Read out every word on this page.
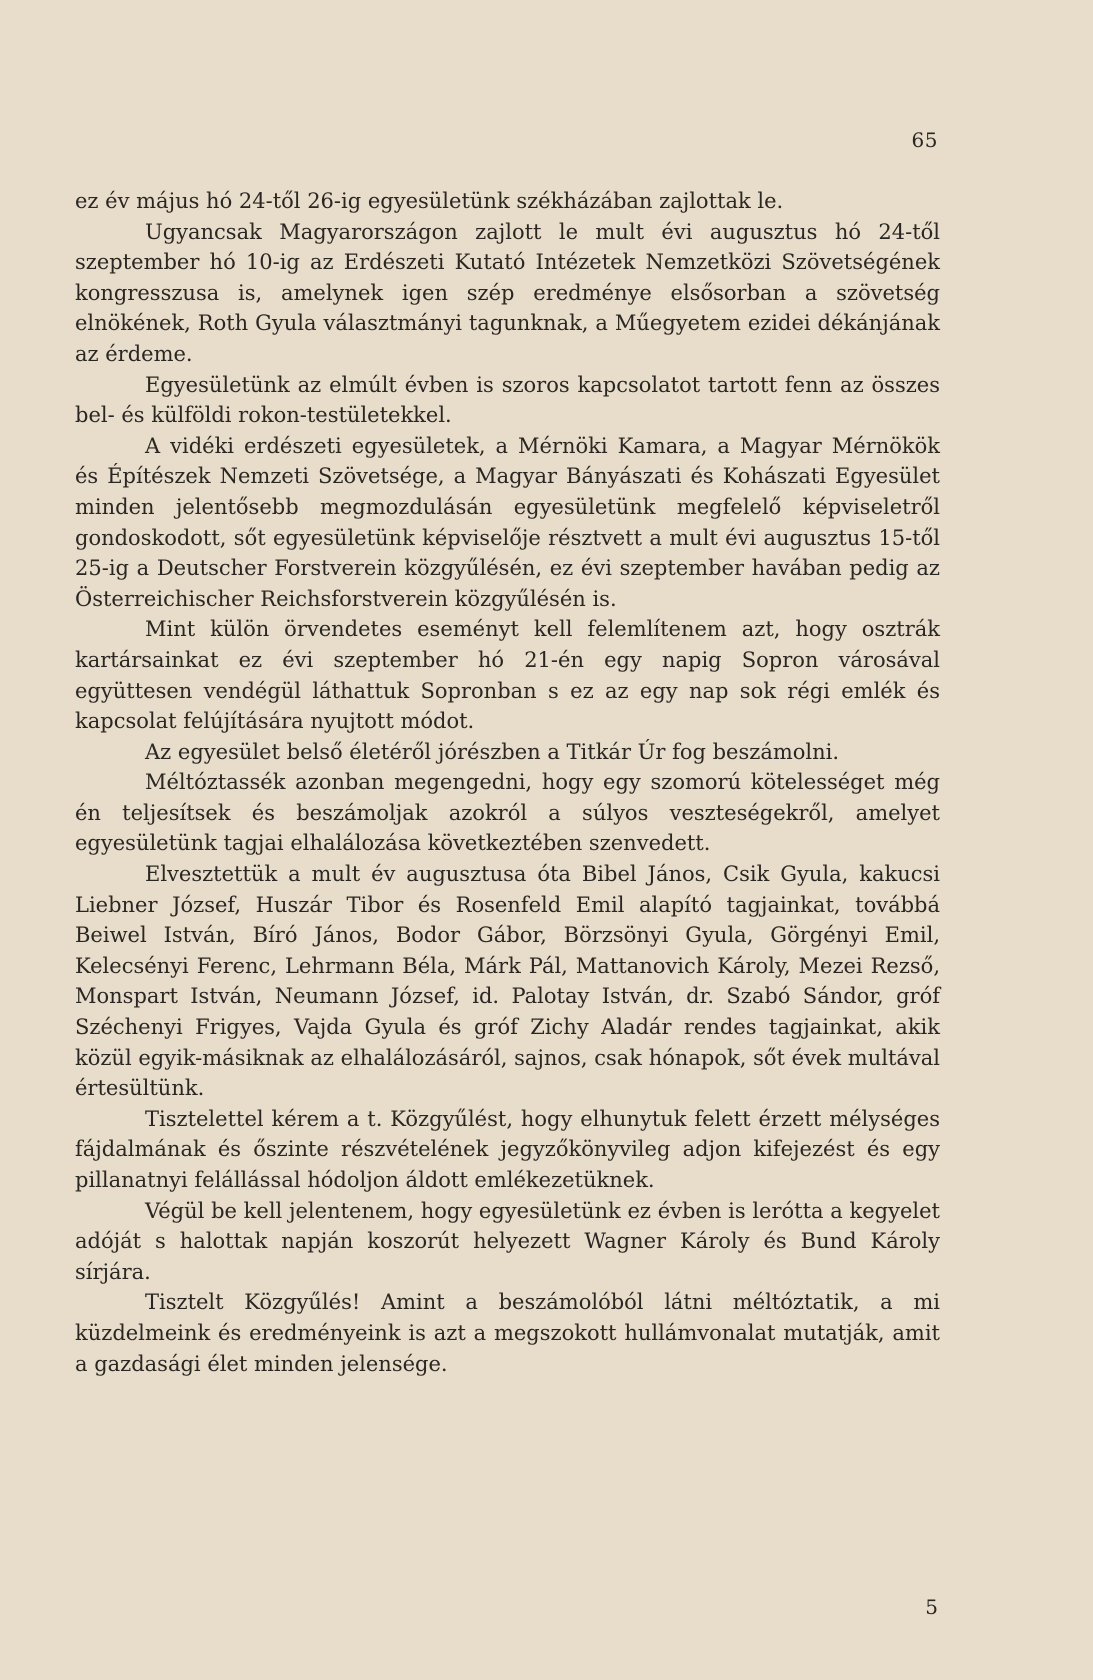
65

ez év május hó 24-től 26-ig egyesületünk székházában zajlottak le.

Ugyancsak Magyarországon zajlott le mult évi augusztus hó 24-től szeptember hó 10-ig az Erdészeti Kutató Intézetek Nemzetközi Szövetségének kongresszusa is, amelynek igen szép eredménye elsősorban a szövetség elnökének, Roth Gyula választmányi tagunknak, a Műegyetem ezidei dékánjának az érdeme.

Egyesületünk az elmúlt évben is szoros kapcsolatot tartott fenn az összes bel- és külföldi rokon-testületekkel.

A vidéki erdészeti egyesületek, a Mérnöki Kamara, a Magyar Mérnökök és Építészek Nemzeti Szövetsége, a Magyar Bányászati és Kohászati Egyesület minden jelentősebb megmozdulásán egyesületünk megfelelő képviseletről gondoskodott, sőt egyesületünk képviselője résztvett a mult évi augusztus 15-től 25-ig a Deutscher Forstverein közgyűlésén, ez évi szeptember havában pedig az Österreichischer Reichsforstverein közgyűlésén is.

Mint külön örvendetes eseményt kell felemlítenem azt, hogy osztrák kartársainkat ez évi szeptember hó 21-én egy napig Sopron városával együttesen vendégül láthattuk Sopronban s ez az egy nap sok régi emlék és kapcsolat felújítására nyujtott módot.

Az egyesület belső életéről jórészben a Titkár Úr fog beszámolni.

Méltóztassék azonban megengedni, hogy egy szomorú kötelességet még én teljesítsek és beszámoljak azokról a súlyos veszteségekről, amelyet egyesületünk tagjai elhalálozása következtében szenvedett.

Elvesztettük a mult év augusztusa óta Bibel János, Csik Gyula, kakucsi Liebner József, Huszár Tibor és Rosenfeld Emil alapító tagjainkat, továbbá Beiwel István, Bíró János, Bodor Gábor, Börzsönyi Gyula, Görgényi Emil, Kelecsényi Ferenc, Lehrmann Béla, Márk Pál, Mattanovich Károly, Mezei Rezső, Monspart István, Neumann József, id. Palotay István, dr. Szabó Sándor, gróf Széchenyi Frigyes, Vajda Gyula és gróf Zichy Aladár rendes tagjainkat, akik közül egyik-másiknak az elhalálozásáról, sajnos, csak hónapok, sőt évek multával értesültünk.

Tisztelettel kérem a t. Közgyűlést, hogy elhunytuk felett érzett mélységes fájdalmának és őszinte részvételének jegyzőkönyvileg adjon kifejezést és egy pillanatnyi felállással hódoljon áldott emlékezetüknek.

Végül be kell jelentenem, hogy egyesületünk ez évben is lerótta a kegyelet adóját s halottak napján koszorút helyezett Wagner Károly és Bund Károly sírjára.

Tisztelt Közgyűlés! Amint a beszámolóból látni méltóztatik, a mi küzdelmeink és eredményeink is azt a megszokott hullámvonalat mutatják, amit a gazdasági élet minden jelensége.

5
